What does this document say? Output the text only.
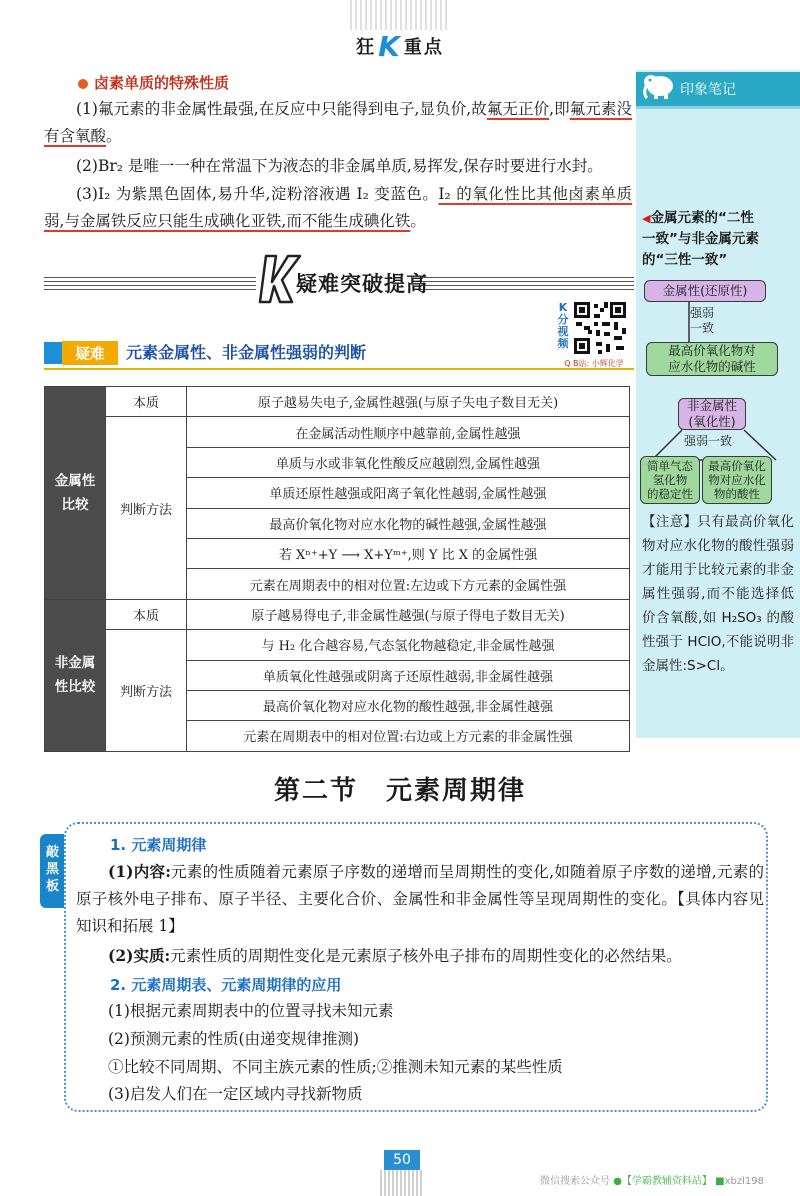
狂 K 重点
卤素单质的特殊性质
(1)氟元素的非金属性最强,在反应中只能得到电子,显负价,故氟无正价,即氟元素没有含氧酸。
(2)Br₂ 是唯一一种在常温下为液态的非金属单质,易挥发,保存时要进行水封。
(3)I₂ 为紫黑色固体,易升华,淀粉溶液遇 I₂ 变蓝色。I₂ 的氧化性比其他卤素单质弱,与金属铁反应只能生成碘化亚铁,而不能生成碘化铁。
疑难突破提高
K分视频
Q B站: 小辉化学
疑难	元素金属性、非金属性强弱的判断
金属性
比较	本质	原子越易失电子,金属性越强(与原子失电子数目无关)
	判断方法	在金属活动性顺序中越靠前,金属性越强
		单质与水或非氧化性酸反应越剧烈,金属性越强
		单质还原性越强或阳离子氧化性越弱,金属性越强
		最高价氧化物对应水化物的碱性越强,金属性越强
		若 Xⁿ⁺+Y ⟶ X+Yᵐ⁺,则 Y 比 X 的金属性强
		元素在周期表中的相对位置:左边或下方元素的金属性强
非金属
性比较	本质	原子越易得电子,非金属性越强(与原子得电子数目无关)
	判断方法	与 H₂ 化合越容易,气态氢化物越稳定,非金属性越强
		单质氧化性越强或阴离子还原性越弱,非金属性越强
		最高价氧化物对应水化物的酸性越强,非金属性越强
		元素在周期表中的相对位置:右边或上方元素的非金属性强
印象笔记
◀金属元素的“二性
一致”与非金属元素
的“三性一致”
金属性(还原性)
强弱
一致
最高价氧化物对
应水化物的碱性
非金属性
(氧化性)
强弱一致
简单气态
氢化物
的稳定性
最高价氧化
物对应水化
物的酸性
【注意】只有最高价氧化物对应水化物的酸性强弱才能用于比较元素的非金属性强弱,而不能选择低价含氧酸,如 H₂SO₃ 的酸性强于 HClO,不能说明非金属性:S>Cl。
第二节　元素周期律
敲黑板
1. 元素周期律
(1)内容:元素的性质随着元素原子序数的递增而呈周期性的变化,如随着原子序数的递增,元素的原子核外电子排布、原子半径、主要化合价、金属性和非金属性等呈现周期性的变化。【具体内容见知识和拓展 1】
(2)实质:元素性质的周期性变化是元素原子核外电子排布的周期性变化的必然结果。
2. 元素周期表、元素周期律的应用
(1)根据元素周期表中的位置寻找未知元素
(2)预测元素的性质(由递变规律推测)
①比较不同周期、不同主族元素的性质;②推测未知元素的某些性质
(3)启发人们在一定区域内寻找新物质
50
微信搜索公众号 ●【学霸教辅资料站】 ■xbzl198
